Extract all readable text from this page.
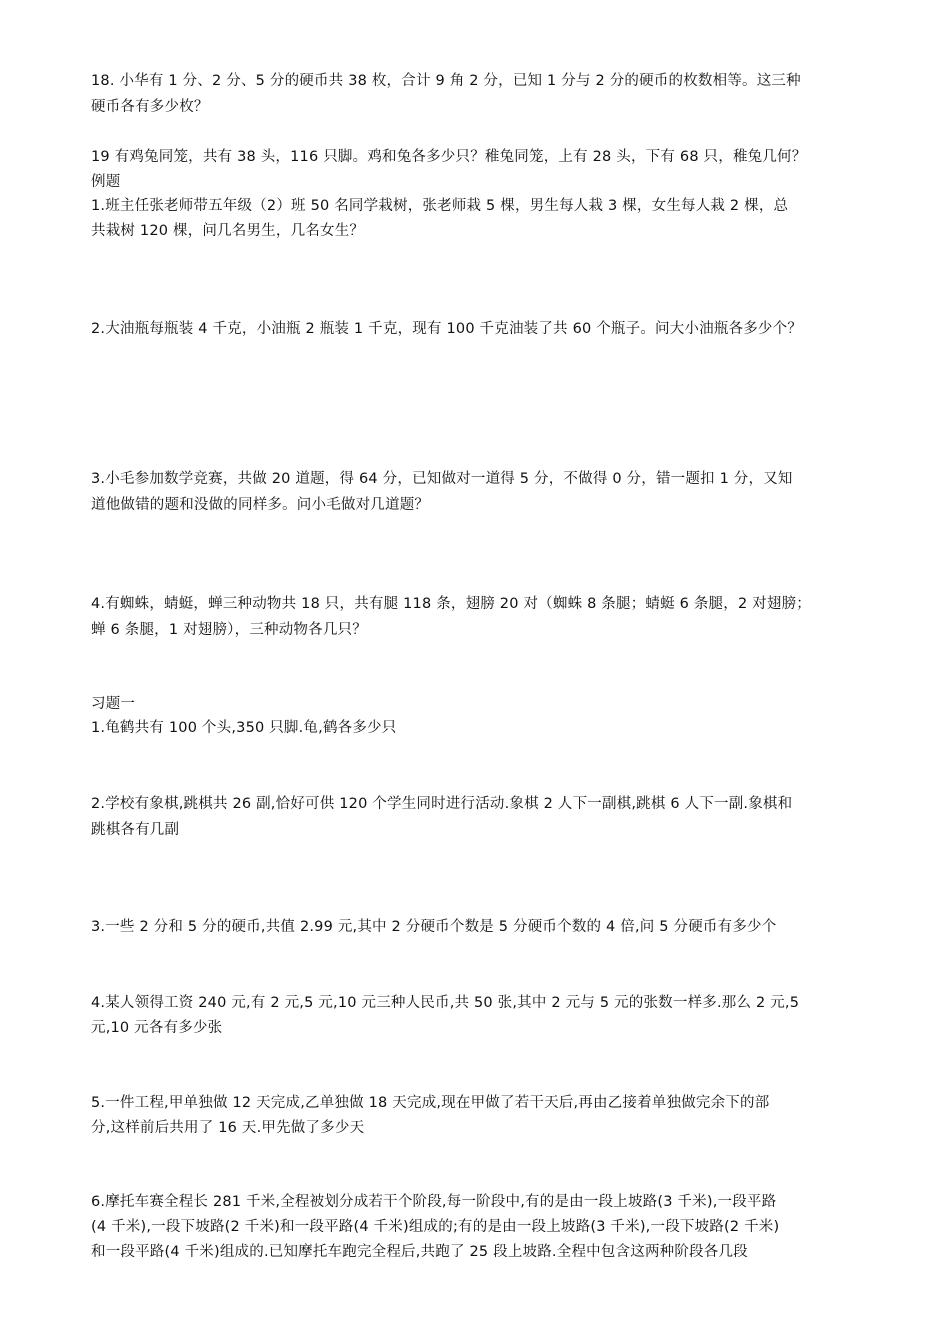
18. 小华有 1 分、2 分、5 分的硬币共 38 枚，合计 9 角 2 分，已知 1 分与 2 分的硬币的枚数相等。这三种
硬币各有多少枚？
19 有鸡兔同笼，共有 38 头，116 只脚。鸡和兔各多少只？稚兔同笼，上有 28 头，下有 68 只，稚兔几何？
例题
1.班主任张老师带五年级（2）班 50 名同学栽树，张老师栽 5 棵，男生每人栽 3 棵，女生每人栽 2 棵，总
共栽树 120 棵，问几名男生，几名女生？
2.大油瓶每瓶装 4 千克，小油瓶 2 瓶装 1 千克，现有 100 千克油装了共 60 个瓶子。问大小油瓶各多少个？
3.小毛参加数学竞赛，共做 20 道题，得 64 分，已知做对一道得 5 分，不做得 0 分，错一题扣 1 分，又知
道他做错的题和没做的同样多。问小毛做对几道题？
4.有蜘蛛，蜻蜓，蝉三种动物共 18 只，共有腿 118 条，翅膀 20 对（蜘蛛 8 条腿；蜻蜓 6 条腿，2 对翅膀；
蝉 6 条腿，1 对翅膀），三种动物各几只？
习题一
1.龟鹤共有 100 个头,350 只脚.龟,鹤各多少只
2.学校有象棋,跳棋共 26 副,恰好可供 120 个学生同时进行活动.象棋 2 人下一副棋,跳棋 6 人下一副.象棋和
跳棋各有几副
3.一些 2 分和 5 分的硬币,共值 2.99 元,其中 2 分硬币个数是 5 分硬币个数的 4 倍,问 5 分硬币有多少个
4.某人领得工资 240 元,有 2 元,5 元,10 元三种人民币,共 50 张,其中 2 元与 5 元的张数一样多.那么 2 元,5
元,10 元各有多少张
5.一件工程,甲单独做 12 天完成,乙单独做 18 天完成,现在甲做了若干天后,再由乙接着单独做完余下的部
分,这样前后共用了 16 天.甲先做了多少天
6.摩托车赛全程长 281 千米,全程被划分成若干个阶段,每一阶段中,有的是由一段上坡路(3 千米),一段平路
(4 千米),一段下坡路(2 千米)和一段平路(4 千米)组成的;有的是由一段上坡路(3 千米),一段下坡路(2 千米)
和一段平路(4 千米)组成的.已知摩托车跑完全程后,共跑了 25 段上坡路.全程中包含这两种阶段各几段
